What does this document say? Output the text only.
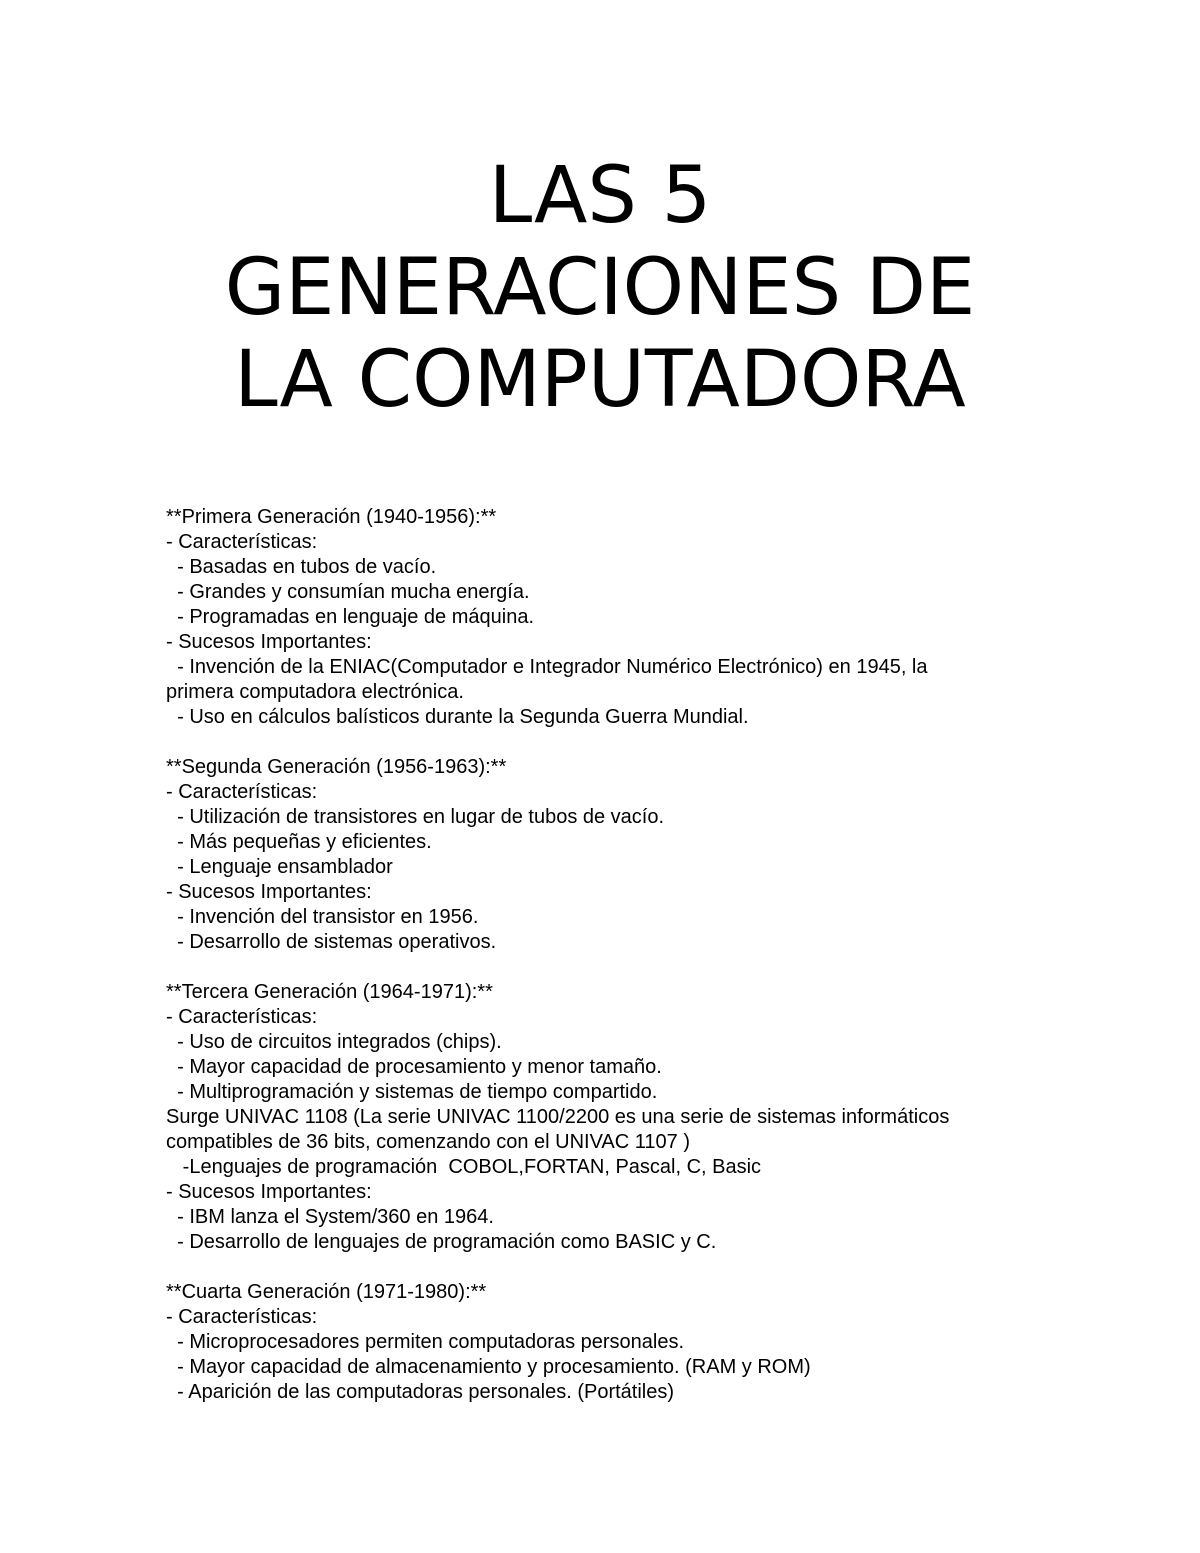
LAS 5
GENERACIONES DE
LA COMPUTADORA
**Primera Generación (1940-1956):**
- Características:
- Basadas en tubos de vacío.
- Grandes y consumían mucha energía.
- Programadas en lenguaje de máquina.
- Sucesos Importantes:
- Invención de la ENIAC(Computador e Integrador Numérico Electrónico) en 1945, la
primera computadora electrónica.
- Uso en cálculos balísticos durante la Segunda Guerra Mundial.
**Segunda Generación (1956-1963):**
- Características:
- Utilización de transistores en lugar de tubos de vacío.
- Más pequeñas y eficientes.
- Lenguaje ensamblador
- Sucesos Importantes:
- Invención del transistor en 1956.
- Desarrollo de sistemas operativos.
**Tercera Generación (1964-1971):**
- Características:
- Uso de circuitos integrados (chips).
- Mayor capacidad de procesamiento y menor tamaño.
- Multiprogramación y sistemas de tiempo compartido.
Surge UNIVAC 1108 (La serie UNIVAC 1100/2200 es una serie de sistemas informáticos
compatibles de 36 bits, comenzando con el UNIVAC 1107 )
-Lenguajes de programación  COBOL,FORTAN, Pascal, C, Basic
- Sucesos Importantes:
- IBM lanza el System/360 en 1964.
- Desarrollo de lenguajes de programación como BASIC y C.
**Cuarta Generación (1971-1980):**
- Características:
- Microprocesadores permiten computadoras personales.
- Mayor capacidad de almacenamiento y procesamiento. (RAM y ROM)
- Aparición de las computadoras personales. (Portátiles)
